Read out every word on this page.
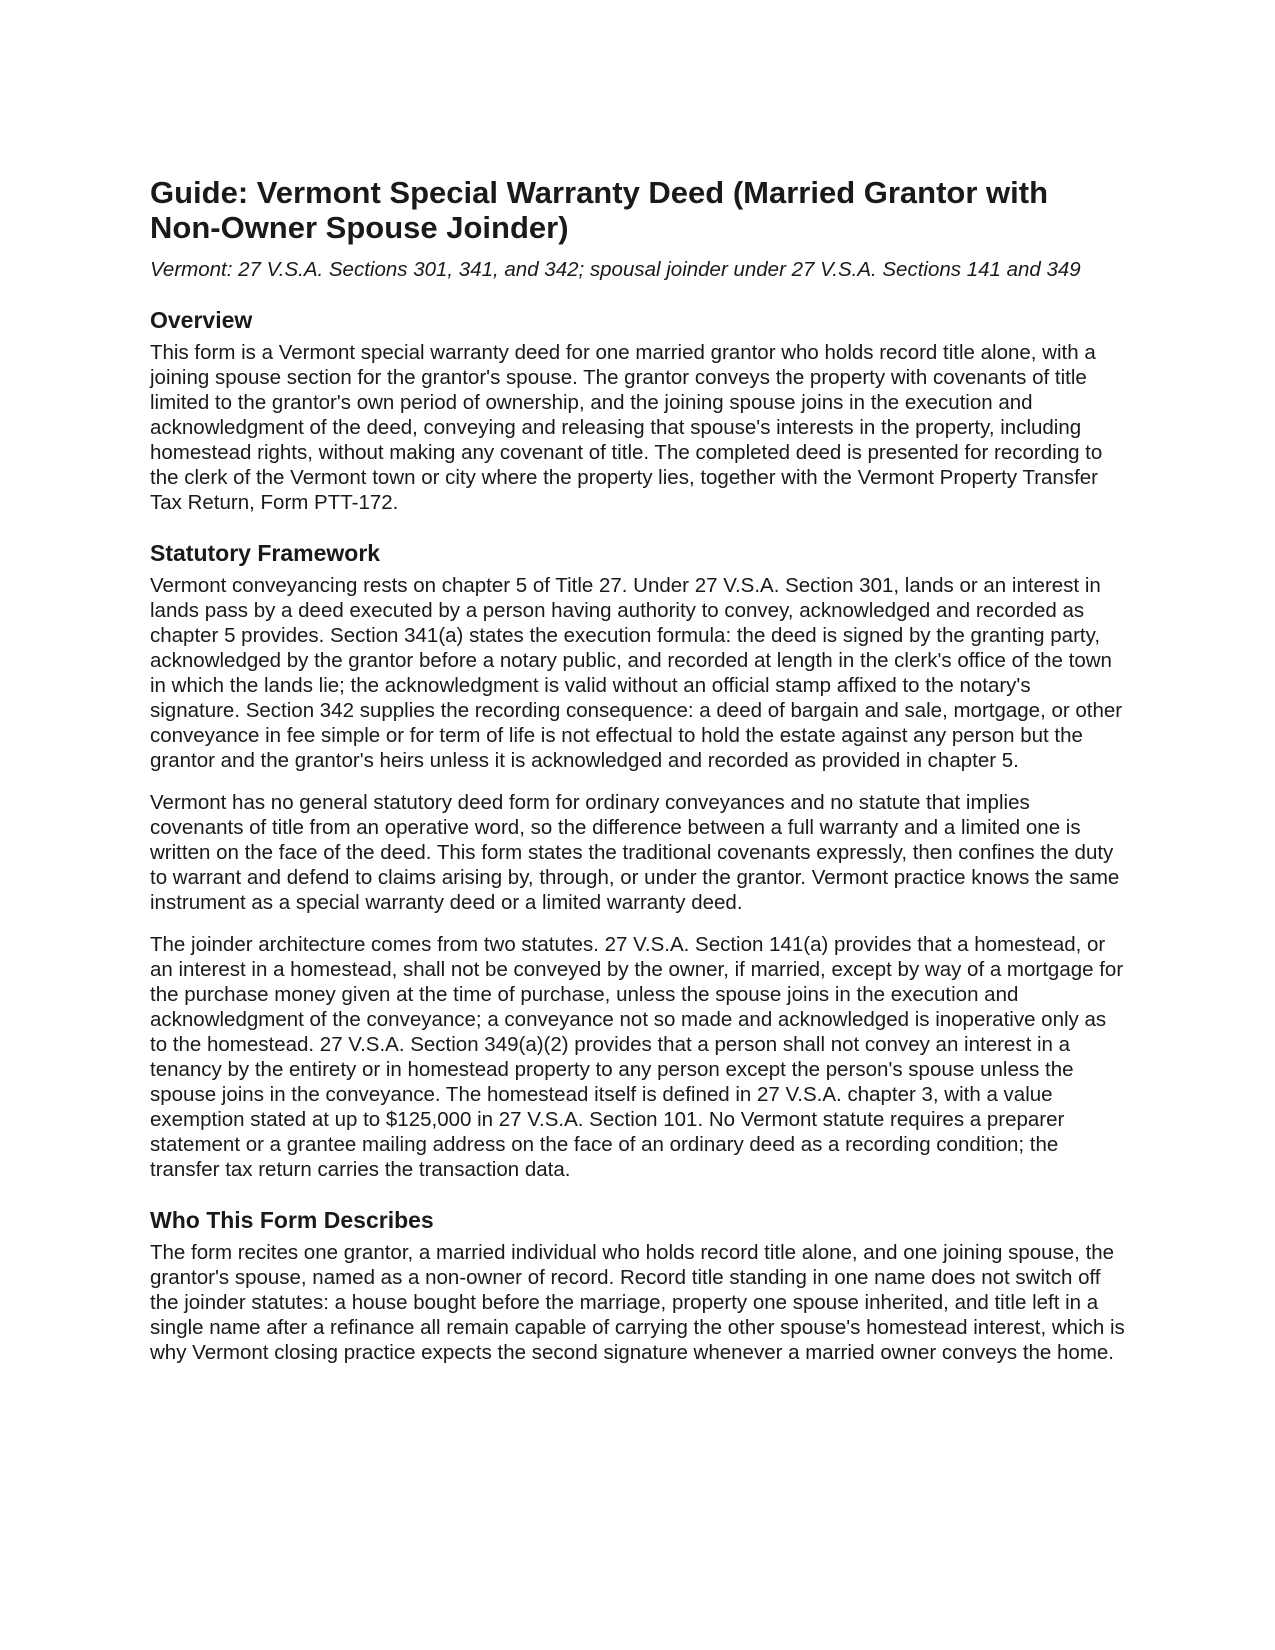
Guide: Vermont Special Warranty Deed (Married Grantor with Non-Owner Spouse Joinder)
Vermont: 27 V.S.A. Sections 301, 341, and 342; spousal joinder under 27 V.S.A. Sections 141 and 349
Overview

This form is a Vermont special warranty deed for one married grantor who holds record title alone, with a joining spouse section for the grantor's spouse. The grantor conveys the property with covenants of title limited to the grantor's own period of ownership, and the joining spouse joins in the execution and acknowledgment of the deed, conveying and releasing that spouse's interests in the property, including homestead rights, without making any covenant of title. The completed deed is presented for recording to the clerk of the Vermont town or city where the property lies, together with the Vermont Property Transfer Tax Return, Form PTT-172.

Statutory Framework

Vermont conveyancing rests on chapter 5 of Title 27. Under 27 V.S.A. Section 301, lands or an interest in lands pass by a deed executed by a person having authority to convey, acknowledged and recorded as chapter 5 provides. Section 341(a) states the execution formula: the deed is signed by the granting party, acknowledged by the grantor before a notary public, and recorded at length in the clerk's office of the town in which the lands lie; the acknowledgment is valid without an official stamp affixed to the notary's signature. Section 342 supplies the recording consequence: a deed of bargain and sale, mortgage, or other conveyance in fee simple or for term of life is not effectual to hold the estate against any person but the grantor and the grantor's heirs unless it is acknowledged and recorded as provided in chapter 5.

Vermont has no general statutory deed form for ordinary conveyances and no statute that implies covenants of title from an operative word, so the difference between a full warranty and a limited one is written on the face of the deed. This form states the traditional covenants expressly, then confines the duty to warrant and defend to claims arising by, through, or under the grantor. Vermont practice knows the same instrument as a special warranty deed or a limited warranty deed.

The joinder architecture comes from two statutes. 27 V.S.A. Section 141(a) provides that a homestead, or an interest in a homestead, shall not be conveyed by the owner, if married, except by way of a mortgage for the purchase money given at the time of purchase, unless the spouse joins in the execution and acknowledgment of the conveyance; a conveyance not so made and acknowledged is inoperative only as to the homestead. 27 V.S.A. Section 349(a)(2) provides that a person shall not convey an interest in a tenancy by the entirety or in homestead property to any person except the person's spouse unless the spouse joins in the conveyance. The homestead itself is defined in 27 V.S.A. chapter 3, with a value exemption stated at up to $125,000 in 27 V.S.A. Section 101. No Vermont statute requires a preparer statement or a grantee mailing address on the face of an ordinary deed as a recording condition; the transfer tax return carries the transaction data.

Who This Form Describes

The form recites one grantor, a married individual who holds record title alone, and one joining spouse, the grantor's spouse, named as a non-owner of record. Record title standing in one name does not switch off the joinder statutes: a house bought before the marriage, property one spouse inherited, and title left in a single name after a refinance all remain capable of carrying the other spouse's homestead interest, which is why Vermont closing practice expects the second signature whenever a married owner conveys the home.
